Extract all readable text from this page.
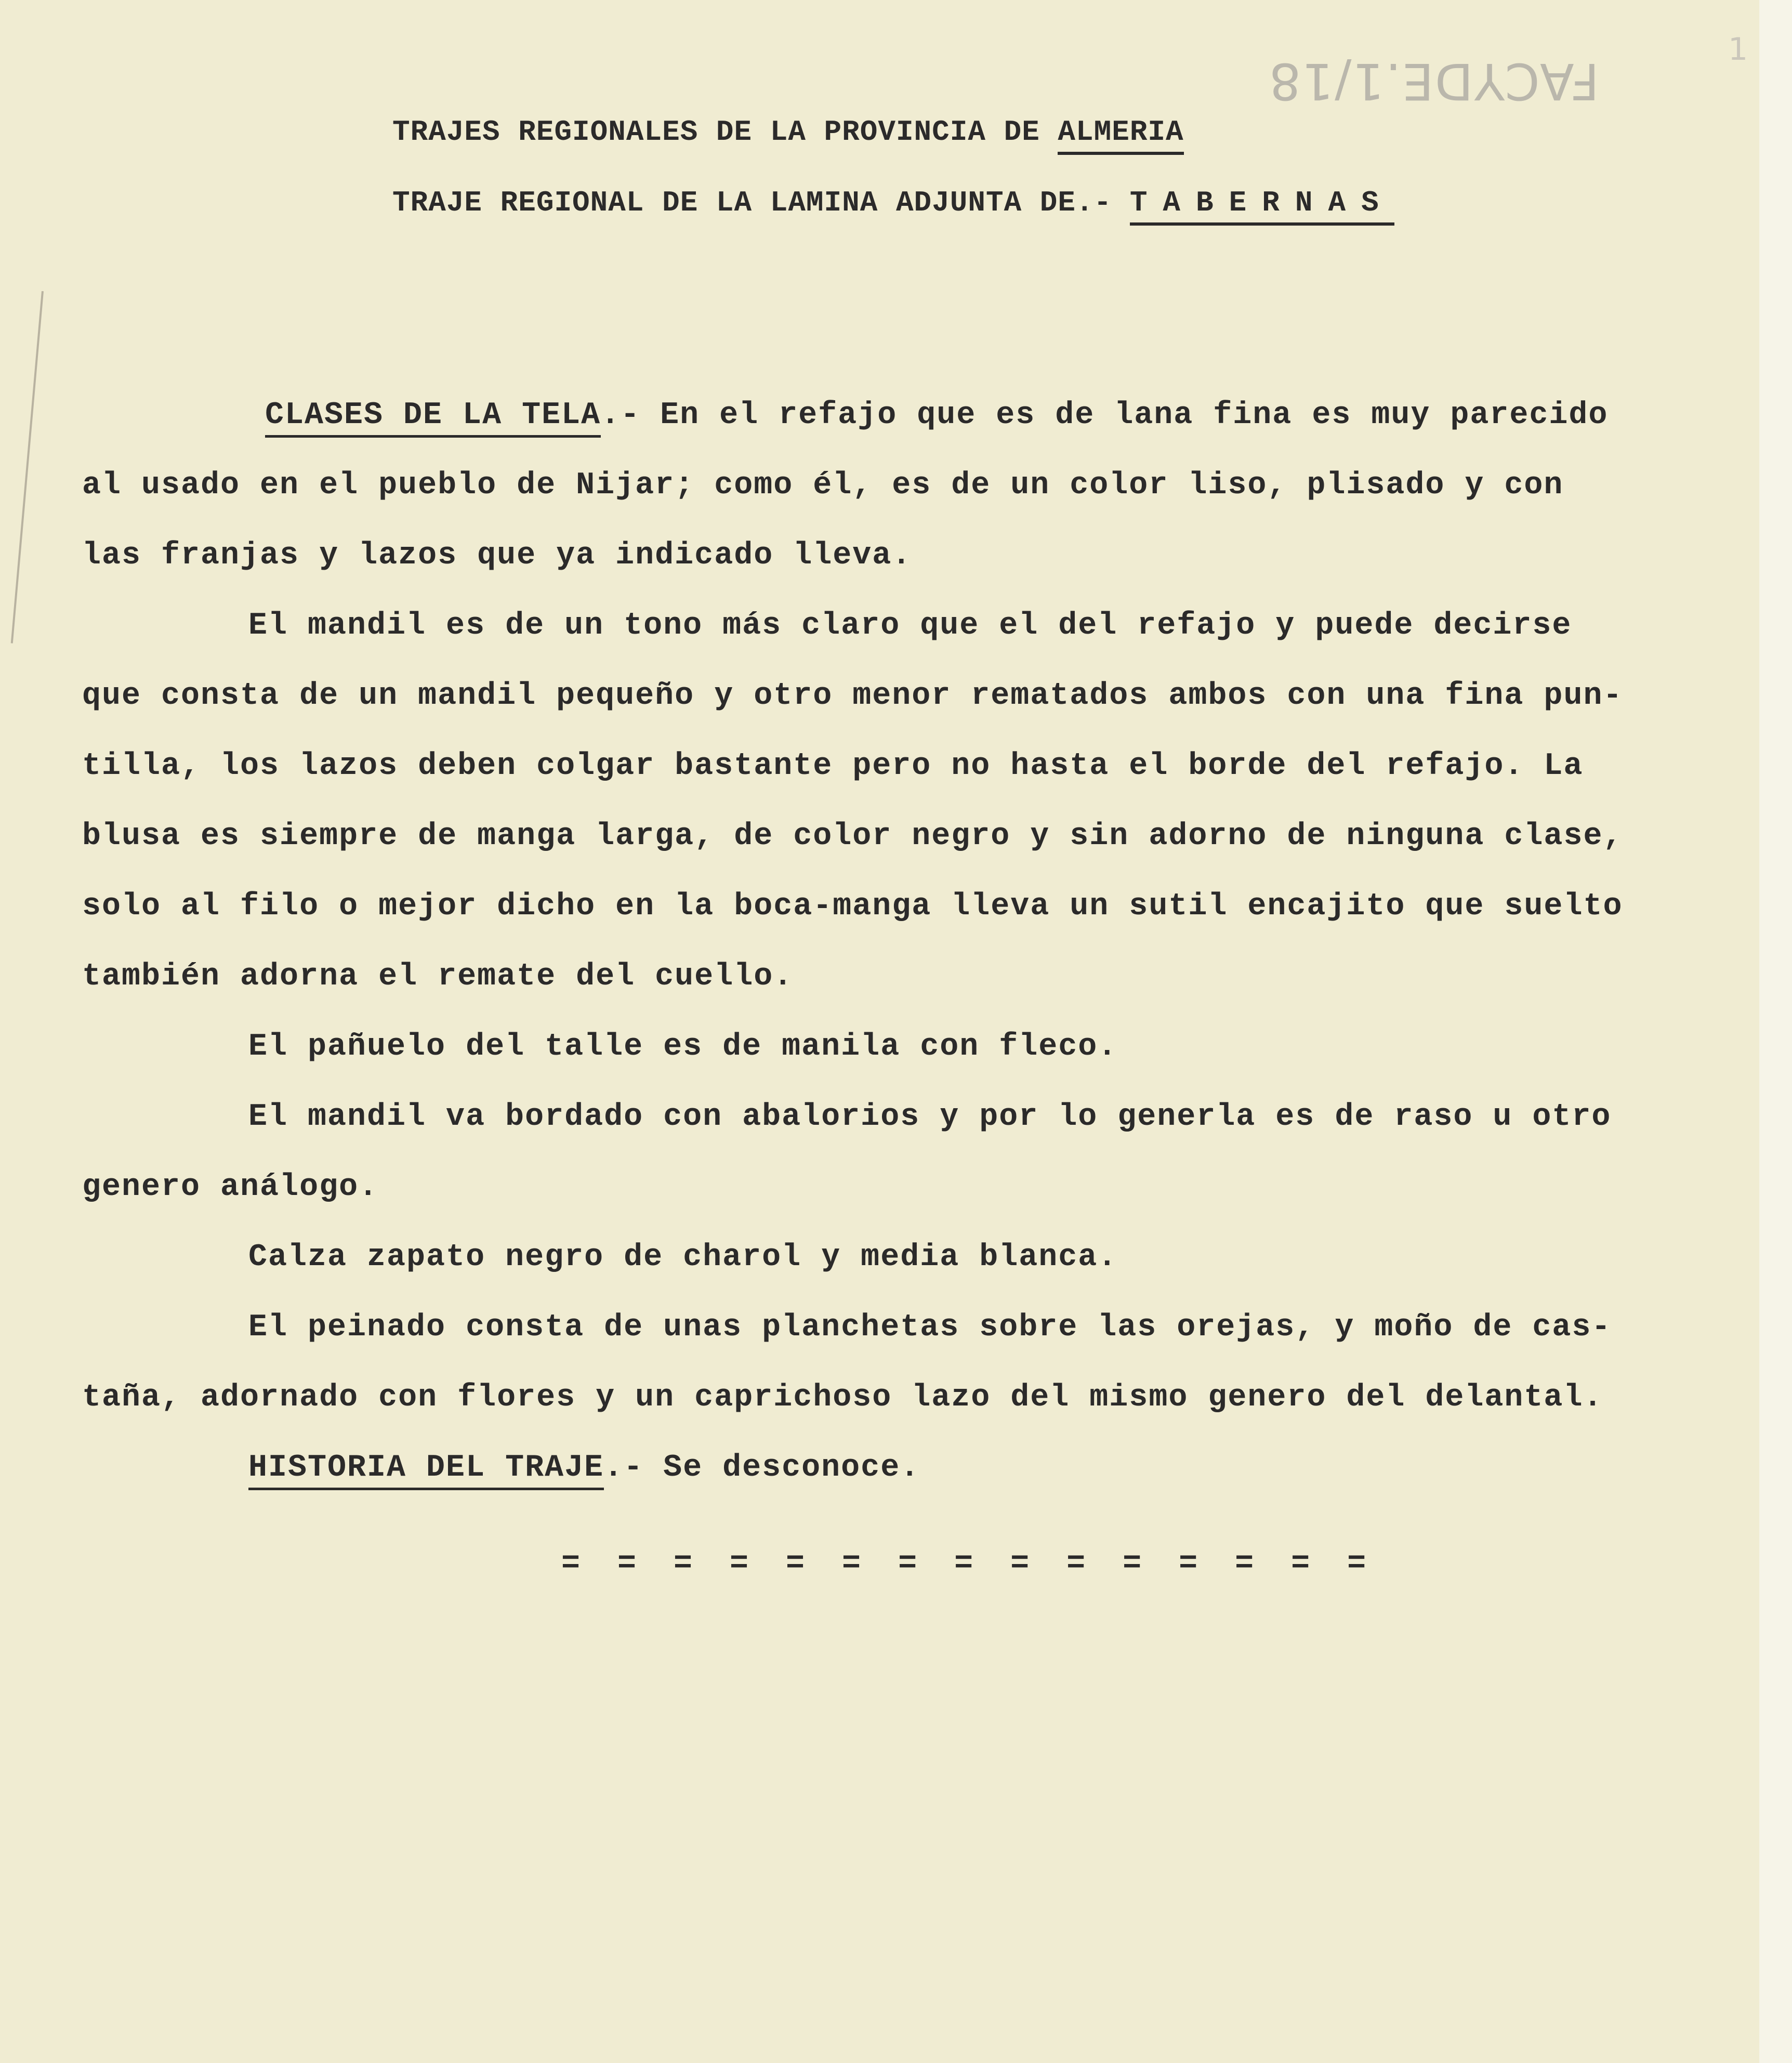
FACYDE.1/18
1
TRAJES REGIONALES DE LA PROVINCIA DE ALMERIA
TRAJE REGIONAL DE LA LAMINA ADJUNTA DE.- TABERNAS
CLASES DE LA TELA.- En el refajo que es de lana fina es muy parecido
al usado en el pueblo de Nijar; como él, es de un color liso, plisado y con
las franjas y lazos que ya indicado lleva.
El mandil es de un tono más claro que el del refajo y puede decirse
que consta de un mandil pequeño y otro menor rematados ambos con una fina pun-
tilla, los lazos deben colgar bastante pero no hasta el borde del refajo. La
blusa es siempre de manga larga, de color negro y sin adorno de ninguna clase,
solo al filo o mejor dicho en la boca-manga lleva un sutil encajito que suelto
también adorna el remate del cuello.
El pañuelo del talle es de manila con fleco.
El mandil va bordado con abalorios y por lo generla es de raso u otro
genero análogo.
Calza zapato negro de charol y media blanca.
El peinado consta de unas planchetas sobre las orejas, y moño de cas-
taña, adornado con flores y un caprichoso lazo del mismo genero del delantal.
HISTORIA DEL TRAJE.- Se desconoce.
= = = = = = = = = = = = = = =
